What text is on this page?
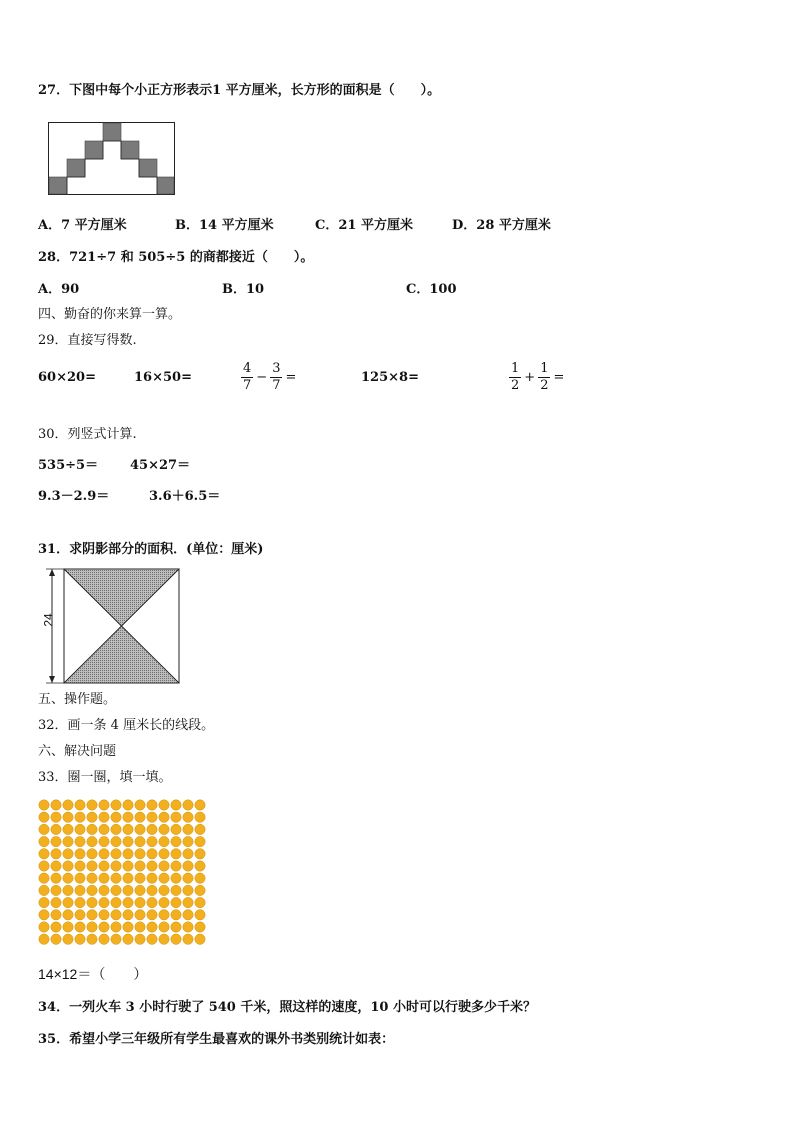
27．下图中每个小正方形表示1 平方厘米，长方形的面积是（　　）。
A．7 平方厘米	B．14 平方厘米	C．21 平方厘米	D．28 平方厘米
28．721÷7 和 505÷5 的商都接近（　　）。
A．90	B．10	C．100
四、勤奋的你来算一算。
29．直接写得数.
60×20=	16×50=	$\frac{4}{7} - \frac{3}{7}$ =	125×8=	$\frac{1}{2} + \frac{1}{2}$ =
30．列竖式计算.
535÷5＝ 45×27＝
9.3－2.9＝	3.6＋6.5＝
31．求阴影部分的面积．(单位：厘米)
24
五、操作题。
32．画一条 4 厘米长的线段。
六、解决问题
33．圈一圈，填一填。
14×12＝（　　）
34．一列火车 3 小时行驶了 540 千米，照这样的速度，10 小时可以行驶多少千米？
35．希望小学三年级所有学生最喜欢的课外书类别统计如表：
